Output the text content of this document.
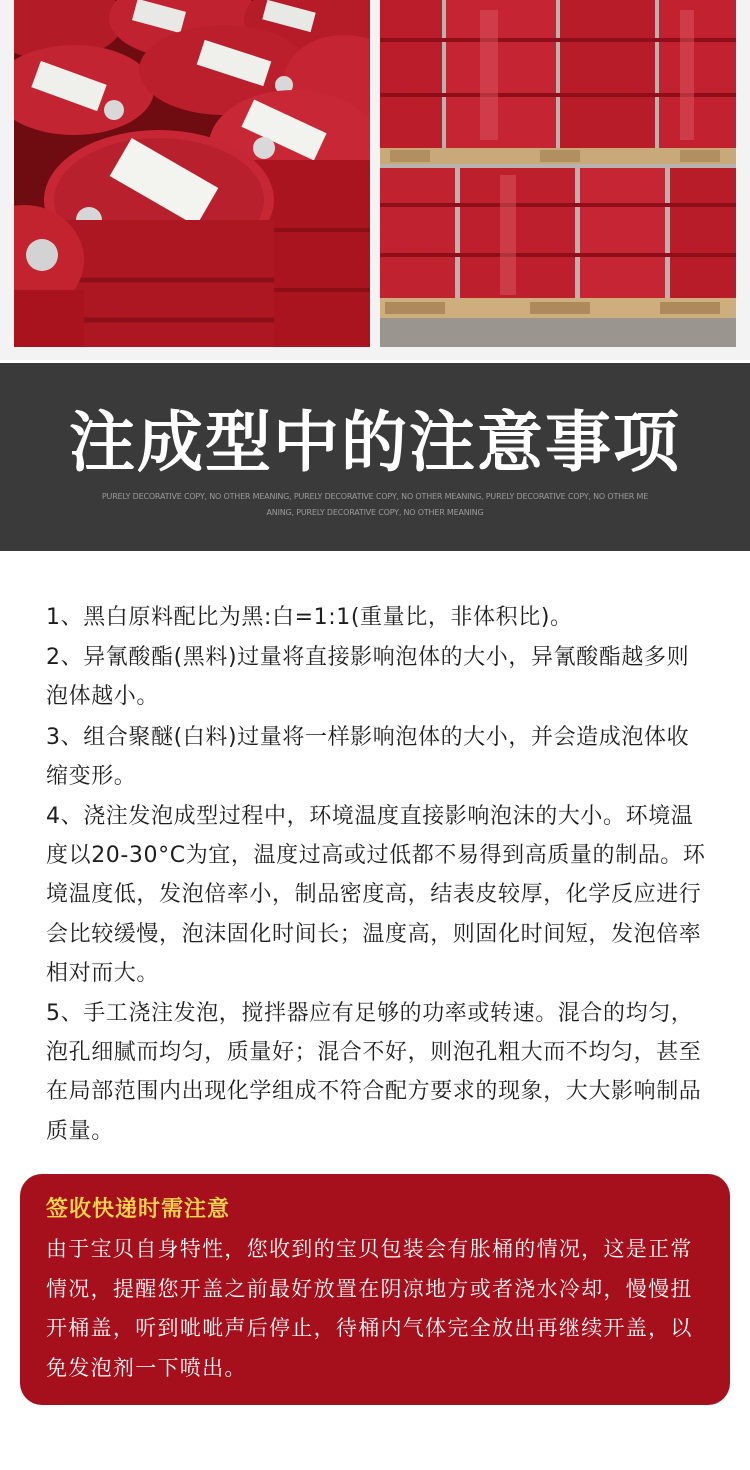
注成型中的注意事项
PURELY DECORATIVE COPY, NO OTHER MEANING, PURELY DECORATIVE COPY, NO OTHER MEANING, PURELY DECORATIVE COPY, NO OTHER MEANING, PURELY DECORATIVE COPY, NO OTHER MEANING

1、黑白原料配比为黑:白=1:1(重量比，非体积比)。

2、异氰酸酯(黑料)过量将直接影响泡体的大小，异氰酸酯越多则泡体越小。

3、组合聚醚(白料)过量将一样影响泡体的大小，并会造成泡体收缩变形。

4、浇注发泡成型过程中，环境温度直接影响泡沫的大小。环境温度以20-30°C为宜，温度过高或过低都不易得到高质量的制品。环境温度低，发泡倍率小，制品密度高，结表皮较厚，化学反应进行会比较缓慢，泡沫固化时间长；温度高，则固化时间短，发泡倍率相对而大。

5、手工浇注发泡，搅拌器应有足够的功率或转速。混合的均匀，泡孔细腻而均匀，质量好；混合不好，则泡孔粗大而不均匀，甚至在局部范围内出现化学组成不符合配方要求的现象，大大影响制品质量。

签收快递时需注意
由于宝贝自身特性，您收到的宝贝包装会有胀桶的情况，这是正常情况，提醒您开盖之前最好放置在阴凉地方或者浇水冷却，慢慢扭开桶盖，听到呲呲声后停止，待桶内气体完全放出再继续开盖，以免发泡剂一下喷出。
